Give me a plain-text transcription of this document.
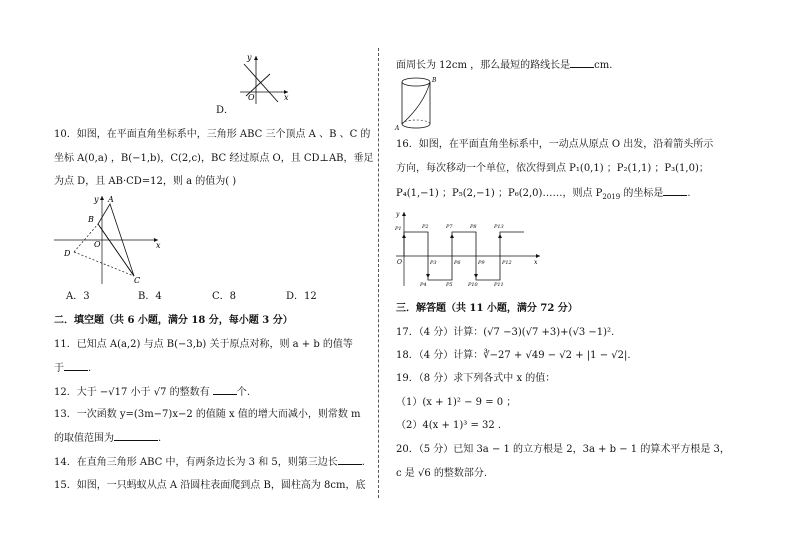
y
x
O
D．
10．如图，在平面直角坐标系中，三角形 ABC 三个顶点 A 、B 、C 的
坐标 A(0,a) ，B(−1,b)，C(2,c)，BC 经过原点 O，且 CD⊥AB，垂足
为点 D，且 AB·CD=12，则 a 的值为( )
A
B
C
D
O	x
y
A．3	B．4	C．8	D．12
二．填空题（共 6 小题，满分 18 分，每小题 3 分）
11．已知点 A(a,2) 与点 B(−3,b) 关于原点对称，则 a + b 的值等
于 .
12．大于 −√17 小于 √7 的整数有	个.
13．一次函数 y=(3m−7)x−2 的值随 x 值的增大而减小，则常数 m
的取值范围为	.
14．在直角三角形 ABC 中，有两条边长为 3 和 5，则第三边长 .
15．如图，一只蚂蚁从点 A 沿圆柱表面爬到点 B，圆柱高为 8cm，底
面周长为 12cm ，那么最短的路线长是 cm.
B
A
16．如图，在平面直角坐标系中，一动点从原点 O 出发，沿着箭头所示
方向，每次移动一个单位，依次得到点 P₁(0,1) ；P₂(1,1) ；P₃(1,0)；
P₄(1,−1) ；P₅(2,−1) ；P₆(2,0)……，则点 $P_{2019}$ 的坐标是 .
y
x
O
P1	P2
P3
P4	P5
P6
P7	P8
P9
P10	P11
P12
P13
三．解答题（共 11 小题，满分 72 分）
17．（4 分）计算：(√7 −3)(√7 +3)+(√3 −1)².
18．（4 分）计算：∛−27 + √49 − √2 + |1 − √2|.
19．（8 分）求下列各式中 x 的值：
（1）(x + 1)² − 9 = 0 ；
（2）4(x + 1)³ = 32 .
20．（5 分）已知 3a − 1 的立方根是 2，3a + b − 1 的算术平方根是 3，
c 是 √6 的整数部分.
